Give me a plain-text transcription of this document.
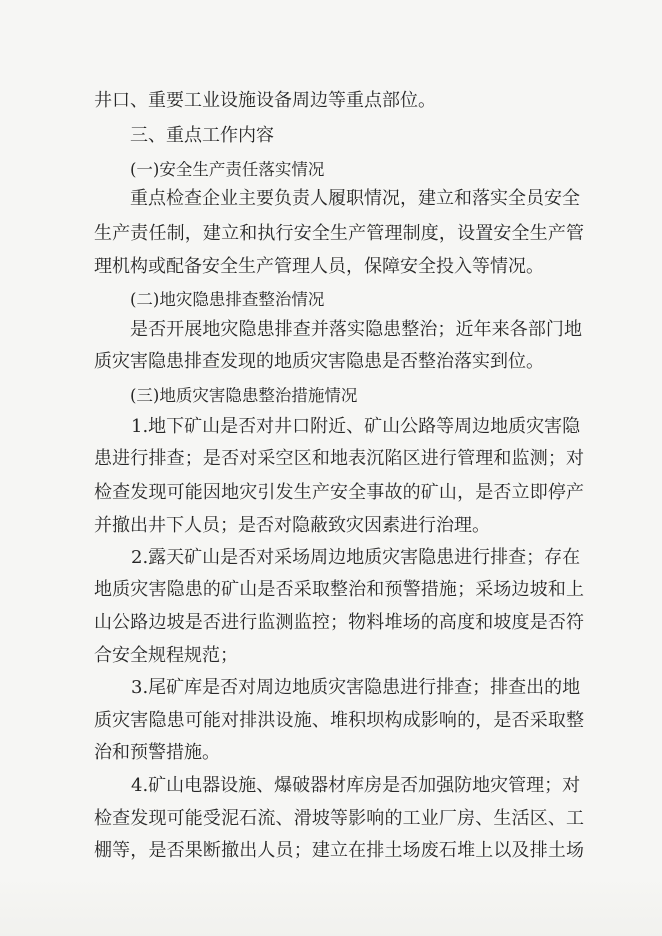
井口、重要工业设施设备周边等重点部位。
三、重点工作内容
(一)安全生产责任落实情况
重点检查企业主要负责人履职情况，建立和落实全员安全
生产责任制，建立和执行安全生产管理制度，设置安全生产管
理机构或配备安全生产管理人员，保障安全投入等情况。
(二)地灾隐患排查整治情况
是否开展地灾隐患排查并落实隐患整治；近年来各部门地
质灾害隐患排查发现的地质灾害隐患是否整治落实到位。
(三)地质灾害隐患整治措施情况
1.地下矿山是否对井口附近、矿山公路等周边地质灾害隐
患进行排查；是否对采空区和地表沉陷区进行管理和监测；对
检查发现可能因地灾引发生产安全事故的矿山，是否立即停产
并撤出井下人员；是否对隐蔽致灾因素进行治理。
2.露天矿山是否对采场周边地质灾害隐患进行排查；存在
地质灾害隐患的矿山是否采取整治和预警措施；采场边坡和上
山公路边坡是否进行监测监控；物料堆场的高度和坡度是否符
合安全规程规范；
3.尾矿库是否对周边地质灾害隐患进行排查；排查出的地
质灾害隐患可能对排洪设施、堆积坝构成影响的，是否采取整
治和预警措施。
4.矿山电器设施、爆破器材库房是否加强防地灾管理；对
检查发现可能受泥石流、滑坡等影响的工业厂房、生活区、工
棚等，是否果断撤出人员；建立在排土场废石堆上以及排土场
